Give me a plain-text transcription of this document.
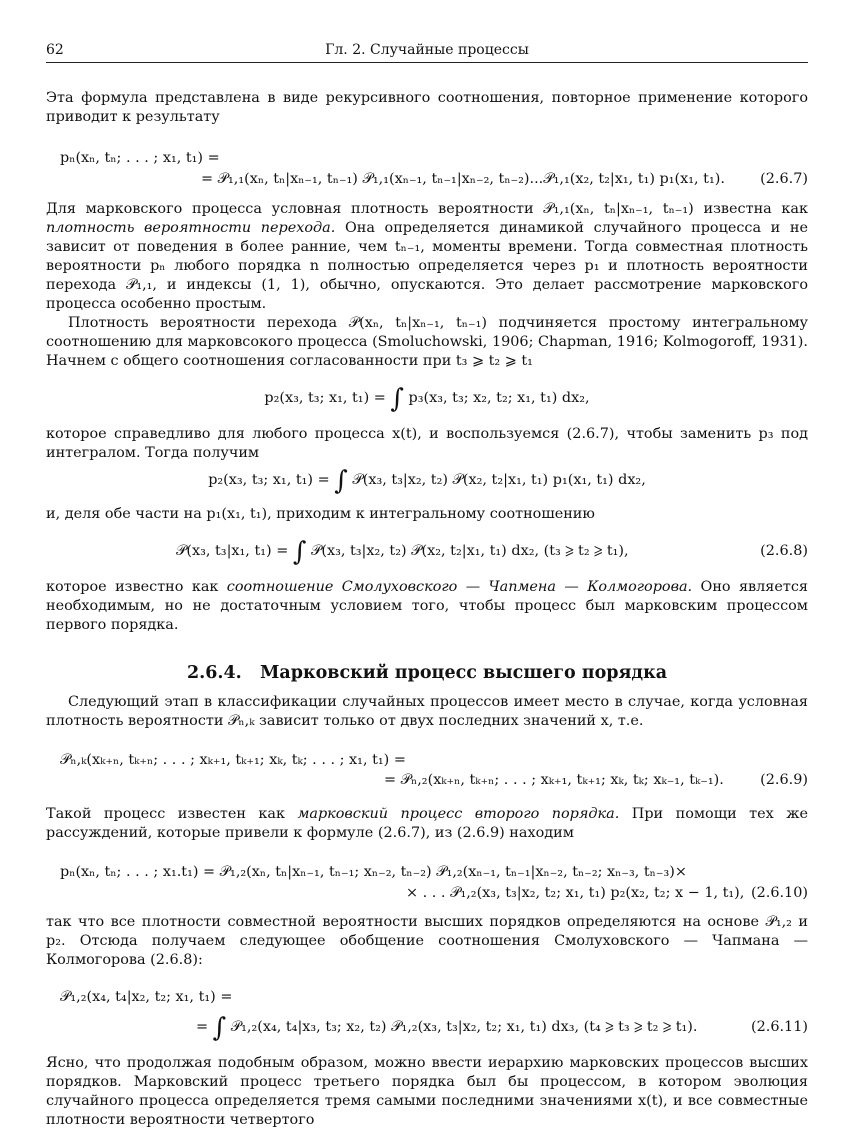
62	Гл. 2. Случайные процессы

Эта формула представлена в виде рекурсивного соотношения, повторное применение которого приводит к результату

pₙ(xₙ, tₙ; . . . ; x₁, t₁) =
= 𝒫₁,₁(xₙ, tₙ|xₙ₋₁, tₙ₋₁) 𝒫₁,₁(xₙ₋₁, tₙ₋₁|xₙ₋₂, tₙ₋₂)...𝒫₁,₁(x₂, t₂|x₁, t₁) p₁(x₁, t₁). (2.6.7)

Для марковского процесса условная плотность вероятности 𝒫₁,₁(xₙ, tₙ|xₙ₋₁, tₙ₋₁) известна как плотность вероятности перехода. Она определяется динамикой случайного процесса и не зависит от поведения в более ранние, чем tₙ₋₁, моменты времени. Тогда совместная плотность вероятности pₙ любого порядка n полностью определяется через p₁ и плотность вероятности перехода 𝒫₁,₁, и индексы (1, 1), обычно, опускаются. Это делает рассмотрение марковского процесса особенно простым.

Плотность вероятности перехода 𝒫(xₙ, tₙ|xₙ₋₁, tₙ₋₁) подчиняется простому интегральному соотношению для марковсокого процесса (Smoluchowski, 1906; Chapman, 1916; Kolmogoroff, 1931). Начнем с общего соотношения согласованности при t₃ ⩾ t₂ ⩾ t₁

p₂(x₃, t₃; x₁, t₁) = ∫ p₃(x₃, t₃; x₂, t₂; x₁, t₁) dx₂,

которое справедливо для любого процесса x(t), и воспользуемся (2.6.7), чтобы заменить p₃ под интегралом. Тогда получим

p₂(x₃, t₃; x₁, t₁) = ∫ 𝒫(x₃, t₃|x₂, t₂) 𝒫(x₂, t₂|x₁, t₁) p₁(x₁, t₁) dx₂,

и, деля обе части на p₁(x₁, t₁), приходим к интегральному соотношению

𝒫(x₃, t₃|x₁, t₁) = ∫ 𝒫(x₃, t₃|x₂, t₂) 𝒫(x₂, t₂|x₁, t₁) dx₂, (t₃ ⩾ t₂ ⩾ t₁),	(2.6.8)

которое известно как соотношение Смолуховского — Чапмена — Колмогорова. Оно является необходимым, но не достаточным условием того, чтобы процесс был марковским процессом первого порядка.

2.6.4. Марковский процесс высшего порядка

Следующий этап в классификации случайных процессов имеет место в случае, когда условная плотность вероятности 𝒫ₙ,ₖ зависит только от двух последних значений x, т.е.

𝒫ₙ,ₖ(xₖ₊ₙ, tₖ₊ₙ; . . . ; xₖ₊₁, tₖ₊₁; xₖ, tₖ; . . . ; x₁, t₁) =
= 𝒫ₙ,₂(xₖ₊ₙ, tₖ₊ₙ; . . . ; xₖ₊₁, tₖ₊₁; xₖ, tₖ; xₖ₋₁, tₖ₋₁).	(2.6.9)

Такой процесс известен как марковский процесс второго порядка. При помощи тех же рассуждений, которые привели к формуле (2.6.7), из (2.6.9) находим

pₙ(xₙ, tₙ; . . . ; x₁.t₁) = 𝒫₁,₂(xₙ, tₙ|xₙ₋₁, tₙ₋₁; xₙ₋₂, tₙ₋₂) 𝒫₁,₂(xₙ₋₁, tₙ₋₁|xₙ₋₂, tₙ₋₂; xₙ₋₃, tₙ₋₃)×
× . . . 𝒫₁,₂(x₃, t₃|x₂, t₂; x₁, t₁) p₂(x₂, t₂; x − 1, t₁), (2.6.10)

так что все плотности совместной вероятности высших порядков определяются на основе 𝒫₁,₂ и p₂. Отсюда получаем следующее обобщение соотношения Смолуховского — Чапмана — Колмогорова (2.6.8):

𝒫₁,₂(x₄, t₄|x₂, t₂; x₁, t₁) =
= ∫ 𝒫₁,₂(x₄, t₄|x₃, t₃; x₂, t₂) 𝒫₁,₂(x₃, t₃|x₂, t₂; x₁, t₁) dx₃, (t₄ ⩾ t₃ ⩾ t₂ ⩾ t₁).	(2.6.11)

Ясно, что продолжая подобным образом, можно ввести иерархию марковских процессов высших порядков. Марковский процесс третьего порядка был бы процессом, в котором эволюция случайного процесса определяется тремя самыми последними значениями x(t), и все совместные плотности вероятности четвертого
